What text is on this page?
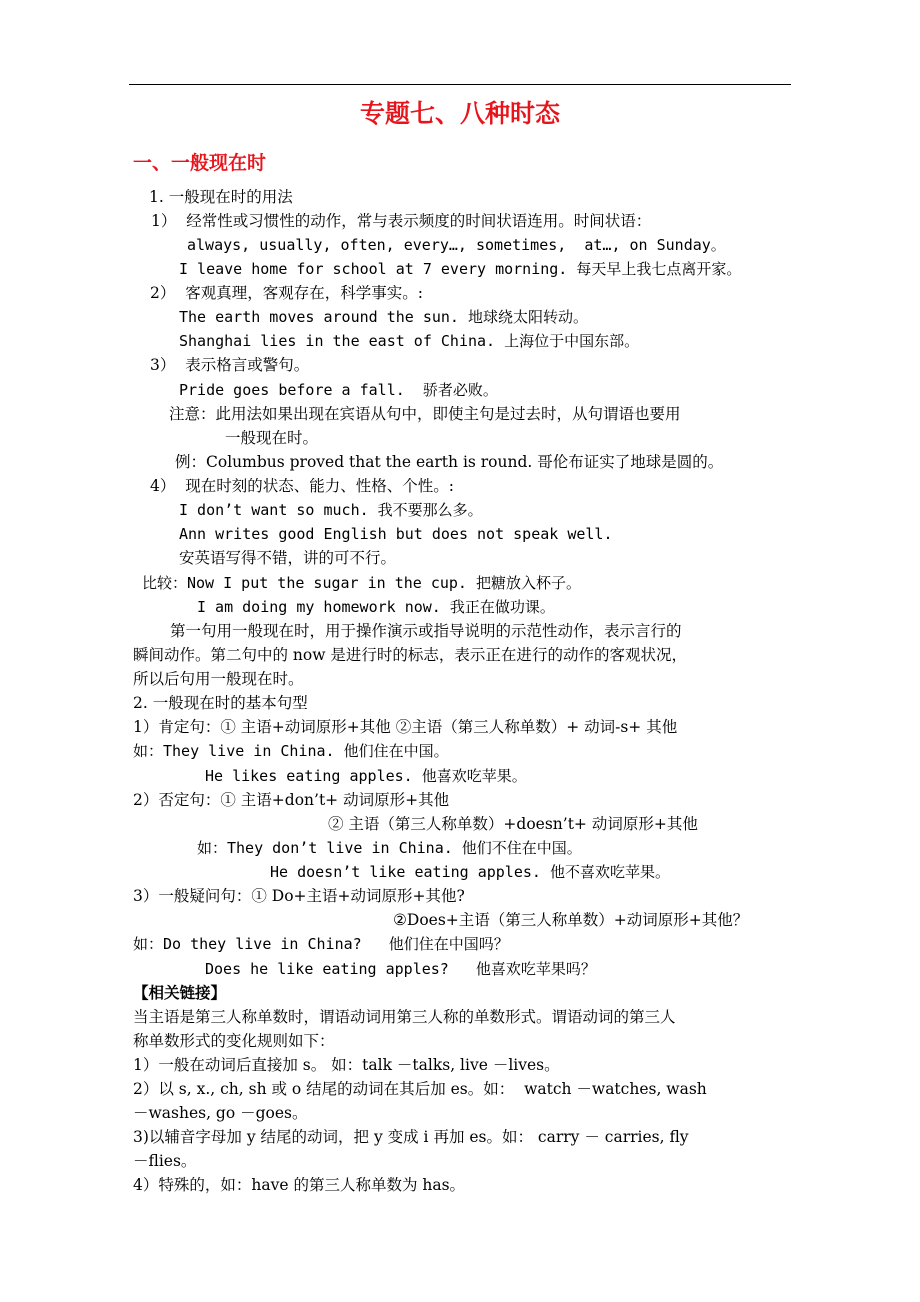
专题七、八种时态
一、一般现在时
1. 一般现在时的用法
1）  经常性或习惯性的动作，常与表示频度的时间状语连用。时间状语：
always, usually, often, every…, sometimes,  at…, on Sunday。
I leave home for school at 7 every morning. 每天早上我七点离开家。
2）  客观真理，客观存在，科学事实。:
The earth moves around the sun. 地球绕太阳转动。
Shanghai lies in the east of China. 上海位于中国东部。
3）  表示格言或警句。
Pride goes before a fall.  骄者必败。
注意：此用法如果出现在宾语从句中，即使主句是过去时，从句谓语也要用
一般现在时。
例：Columbus proved that the earth is round. 哥伦布证实了地球是圆的。
4）  现在时刻的状态、能力、性格、个性。:
I don’t want so much. 我不要那么多。
Ann writes good English but does not speak well.
安英语写得不错，讲的可不行。
比较：Now I put the sugar in the cup. 把糖放入杯子。
I am doing my homework now. 我正在做功课。
第一句用一般现在时，用于操作演示或指导说明的示范性动作，表示言行的
瞬间动作。第二句中的 now 是进行时的标志，表示正在进行的动作的客观状况，
所以后句用一般现在时。
2. 一般现在时的基本句型
1）肯定句：① 主语+动词原形+其他 ②主语（第三人称单数）+ 动词-s+ 其他
如：They live in China. 他们住在中国。
He likes eating apples. 他喜欢吃苹果。
2）否定句：① 主语+don’t+ 动词原形+其他
② 主语（第三人称单数）+doesn’t+ 动词原形+其他
如：They don’t live in China. 他们不住在中国。
He doesn’t like eating apples. 他不喜欢吃苹果。
3）一般疑问句：① Do+主语+动词原形+其他?
②Does+主语（第三人称单数）+动词原形+其他？
如：Do they live in China?   他们住在中国吗？
Does he like eating apples?   他喜欢吃苹果吗？
【相关链接】
当主语是第三人称单数时，谓语动词用第三人称的单数形式。谓语动词的第三人
称单数形式的变化规则如下：
1）一般在动词后直接加 s。 如：talk －talks, live －lives。
2）以 s, x., ch, sh 或 o 结尾的动词在其后加 es。如：  watch －watches, wash
－washes, go －goes。
3)以辅音字母加 y 结尾的动词，把 y 变成 i 再加 es。如： carry － carries, fly
－flies。
4）特殊的，如：have 的第三人称单数为 has。
